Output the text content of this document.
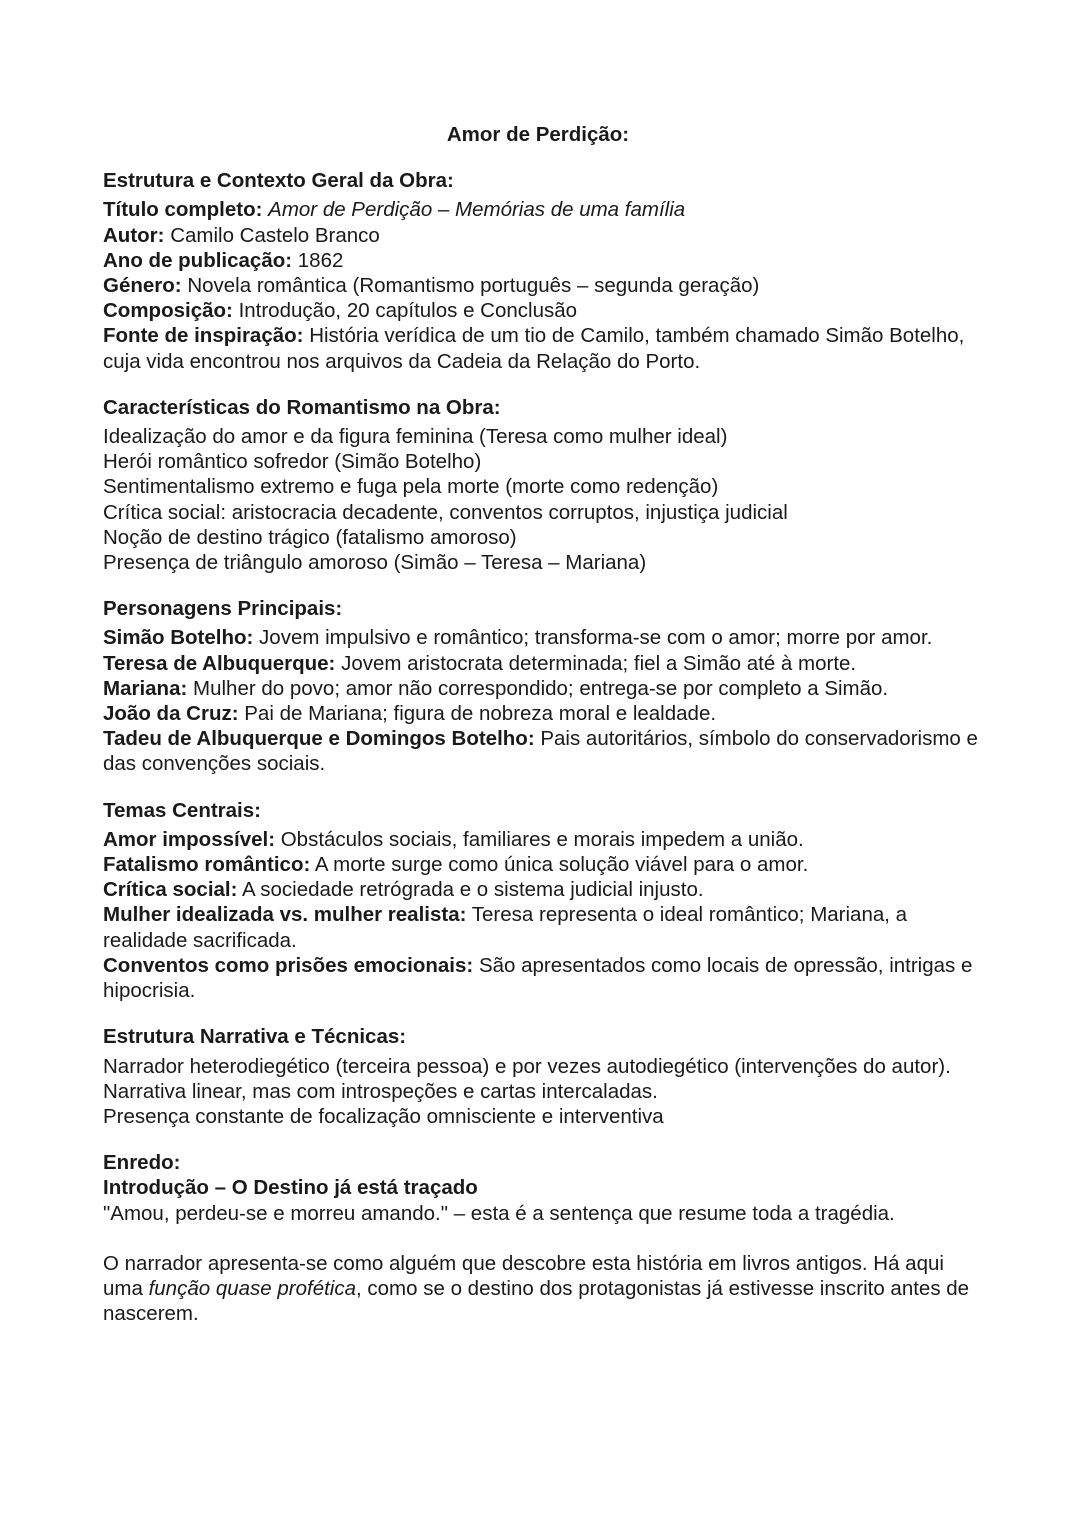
Amor de Perdição:
Estrutura e Contexto Geral da Obra:

Título completo: Amor de Perdição – Memórias de uma família

Autor: Camilo Castelo Branco

Ano de publicação: 1862

Género: Novela romântica (Romantismo português – segunda geração)

Composição: Introdução, 20 capítulos e Conclusão

Fonte de inspiração: História verídica de um tio de Camilo, também chamado Simão Botelho, cuja vida encontrou nos arquivos da Cadeia da Relação do Porto.

Características do Romantismo na Obra:

Idealização do amor e da figura feminina (Teresa como mulher ideal)

Herói romântico sofredor (Simão Botelho)

Sentimentalismo extremo e fuga pela morte (morte como redenção)

Crítica social: aristocracia decadente, conventos corruptos, injustiça judicial

Noção de destino trágico (fatalismo amoroso)

Presença de triângulo amoroso (Simão – Teresa – Mariana)

Personagens Principais:

Simão Botelho: Jovem impulsivo e romântico; transforma-se com o amor; morre por amor.

Teresa de Albuquerque: Jovem aristocrata determinada; fiel a Simão até à morte.

Mariana: Mulher do povo; amor não correspondido; entrega-se por completo a Simão.

João da Cruz: Pai de Mariana; figura de nobreza moral e lealdade.

Tadeu de Albuquerque e Domingos Botelho: Pais autoritários, símbolo do conservadorismo e das convenções sociais.

Temas Centrais:

Amor impossível: Obstáculos sociais, familiares e morais impedem a união.

Fatalismo romântico: A morte surge como única solução viável para o amor.

Crítica social: A sociedade retrógrada e o sistema judicial injusto.

Mulher idealizada vs. mulher realista: Teresa representa o ideal romântico; Mariana, a realidade sacrificada.

Conventos como prisões emocionais: São apresentados como locais de opressão, intrigas e hipocrisia.

Estrutura Narrativa e Técnicas:

Narrador heterodiegético (terceira pessoa) e por vezes autodiegético (intervenções do autor).

Narrativa linear, mas com introspeções e cartas intercaladas.

Presença constante de focalização omnisciente e interventiva

Enredo:

Introdução – O Destino já está traçado

"Amou, perdeu-se e morreu amando." – esta é a sentença que resume toda a tragédia.

O narrador apresenta-se como alguém que descobre esta história em livros antigos. Há aqui uma função quase profética, como se o destino dos protagonistas já estivesse inscrito antes de nascerem.
